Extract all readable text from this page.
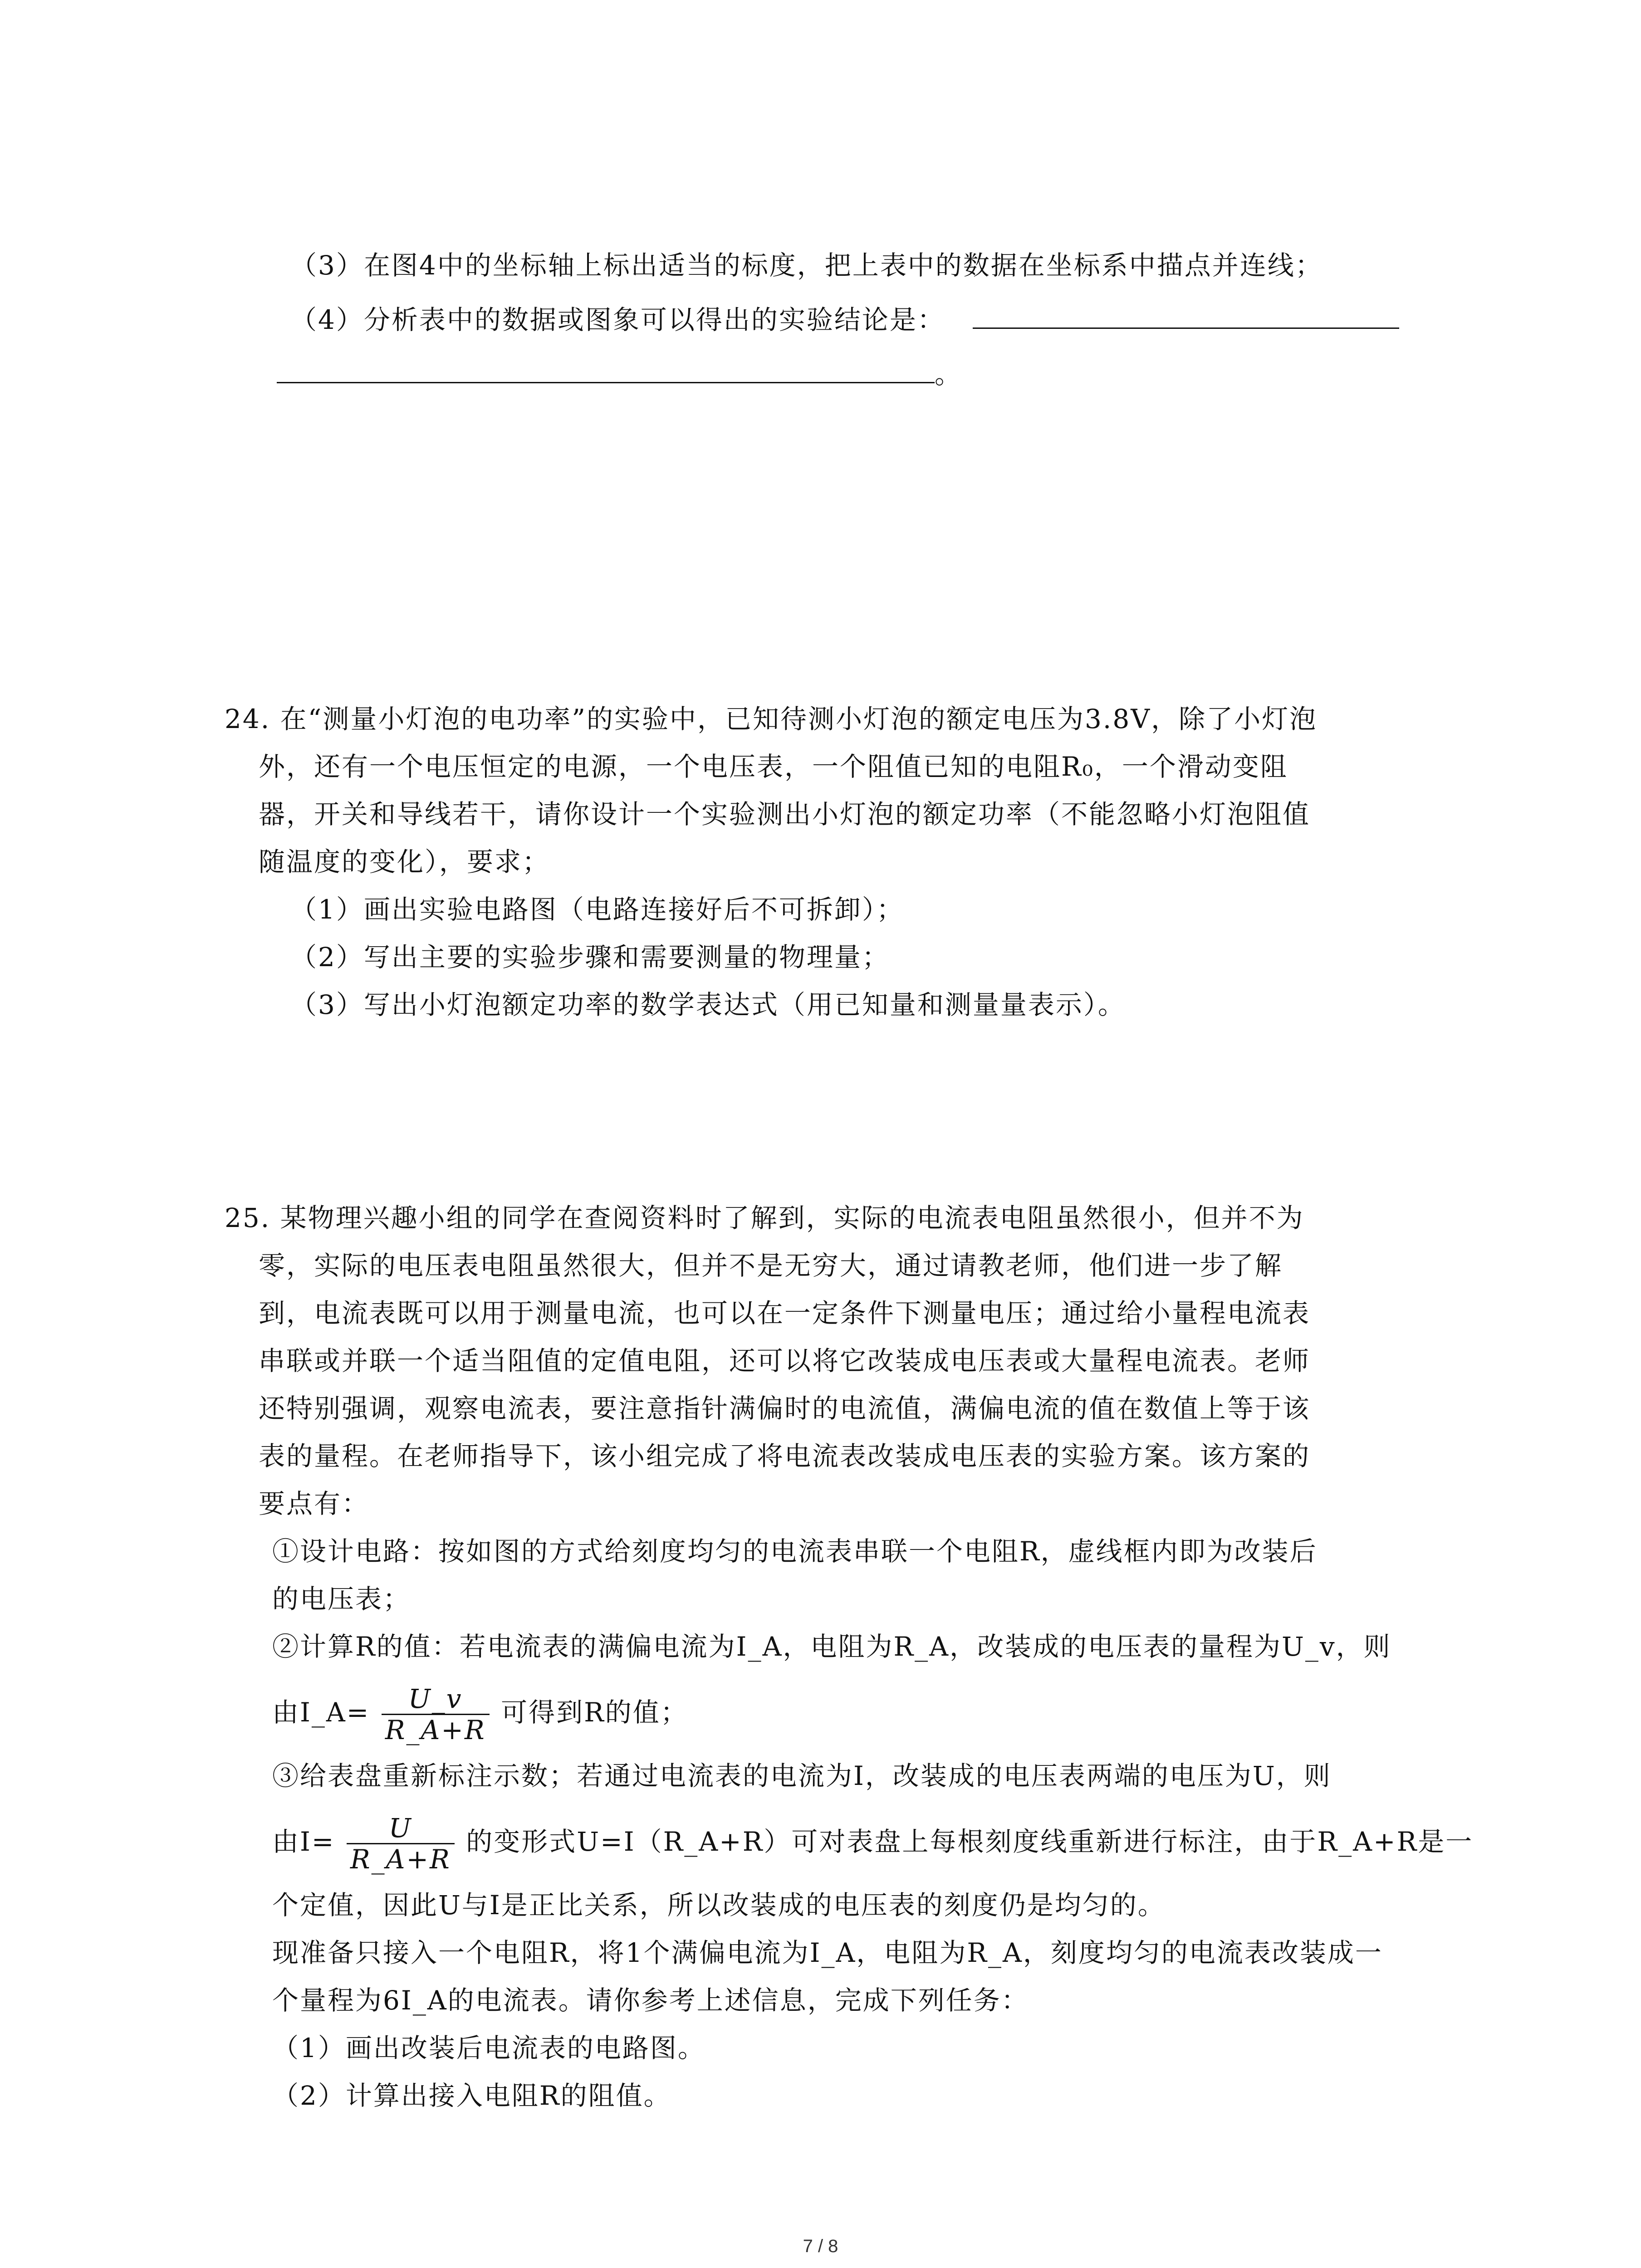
（3）在图4中的坐标轴上标出适当的标度，把上表中的数据在坐标系中描点并连线；
（4）分析表中的数据或图象可以得出的实验结论是：
。
24. 在“测量小灯泡的电功率”的实验中，已知待测小灯泡的额定电压为3.8V，除了小灯泡
外，还有一个电压恒定的电源，一个电压表，一个阻值已知的电阻R₀，一个滑动变阻
器，开关和导线若干，请你设计一个实验测出小灯泡的额定功率（不能忽略小灯泡阻值
随温度的变化），要求；
（1）画出实验电路图（电路连接好后不可拆卸）；
（2）写出主要的实验步骤和需要测量的物理量；
（3）写出小灯泡额定功率的数学表达式（用已知量和测量量表示）。
25. 某物理兴趣小组的同学在查阅资料时了解到，实际的电流表电阻虽然很小，但并不为
零，实际的电压表电阻虽然很大，但并不是无穷大，通过请教老师，他们进一步了解
到，电流表既可以用于测量电流，也可以在一定条件下测量电压；通过给小量程电流表
串联或并联一个适当阻值的定值电阻，还可以将它改装成电压表或大量程电流表。老师
还特别强调，观察电流表，要注意指针满偏时的电流值，满偏电流的值在数值上等于该
表的量程。在老师指导下，该小组完成了将电流表改装成电压表的实验方案。该方案的
要点有：
①设计电路：按如图的方式给刻度均匀的电流表串联一个电阻R，虚线框内即为改装后
的电压表；
②计算R的值：若电流表的满偏电流为I_A，电阻为R_A，改装成的电压表的量程为U_v，则
由I_A= $\frac{U\_v}{R\_A+R}$ 可得到R的值；
③给表盘重新标注示数；若通过电流表的电流为I，改装成的电压表两端的电压为U，则
由$I= \frac{U}{R\_A+R}$ 的变形式U=I（R_A+R）可对表盘上每根刻度线重新进行标注，由于R_A+R是一
个定值，因此U与I是正比关系，所以改装成的电压表的刻度仍是均匀的。
现准备只接入一个电阻R，将1个满偏电流为I_A，电阻为R_A，刻度均匀的电流表改装成一
个量程为6I_A的电流表。请你参考上述信息，完成下列任务：
（1）画出改装后电流表的电路图。
（2）计算出接入电阻R的阻值。
7 / 8
